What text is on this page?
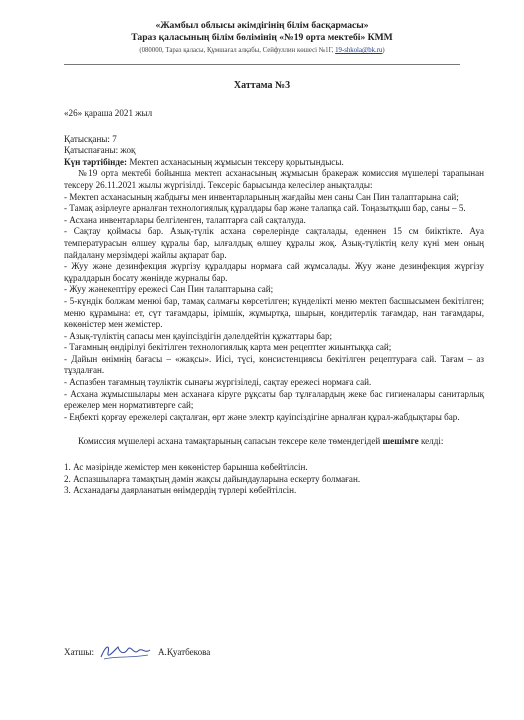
«Жамбыл облысы әкімдігінің білім басқармасы»
Тараз қаласының білім бөлімінің «№19 орта мектебі» КММ
(080000, Тараз қаласы, Құмшағал алқабы, Сейфуллин көшесі №1Г, 19-shkola@bk.ru)
Хаттама №3

«26» қараша 2021 жыл

Қатысқаны: 7

Қатыспағаны: жоқ

Күн тәртібінде: Мектеп асханасының жұмысын тексеру қорытындысы.

№19 орта мектебі бойынша мектеп асханасының жұмысын бракераж комиссия мүшелері тарапынан тексеру 26.11.2021 жылы жүргізілді. Тексеріс барысында келесілер анықталды:

- Мектеп асханасының жабдығы мен инвентарларының жағдайы мен саны Сан Пин талаптарына сай;

- Тамақ әзірлеуге арналған технологиялық құралдары бар және талапқа сай. Тоңазытқыш бар, саны – 5.

- Асхана инвентарлары белгіленген, талаптарға сай сақталуда.

- Сақтау қоймасы бар. Азық-түлік асхана сөрелерінде сақталады, еденнен 15 см биіктікте. Ауа температурасын өлшеу құралы бар, ылғалдық өлшеу құралы жоқ. Азық-түліктің келу күні мен оның пайдалану мерзімдері жайлы ақпарат бар.

- Жуу және дезинфекция жүргізу құралдары нормаға сай жұмсалады. Жуу және дезинфекция жүргізу құралдарын босату жөнінде журналы бар.

- Жуу жәнекептіру ережесі Сан Пин талаптарына сай;

- 5-күндік болжам менюі бар, тамақ салмағы көрсетілген; күнделікті меню мектеп басшысымен бекітілген; меню құрамына: ет, сүт тағамдары, ірімшік, жұмыртқа, шырын, кондитерлік тағамдар, нан тағамдары, көкөністер мен жемістер.

- Азық-түліктің сапасы мен қауіпсіздігін дәлелдейтін құжаттары бар;

- Тағамның өндірілуі бекітілген технологиялық карта мен рецептter жиынтыққа сай;

- Дайын өнімнің бағасы – «жақсы». Иісі, түсі, консистенциясы бекітілген рецептураға сай. Тағам – аз тұздалған.

- Аспазбен тағамның тәуліктік сынағы жүргізіледі, сақтау ережесі нормаға сай.

- Асхана жұмысшылары мен асханаға кіруге рұқсаты бар тұлғалардың жеке бас гигиеналары санитарлық ережелер мен нормативтерге сай;

- Еңбекті қорғау ережелері сақталған, өрт және электр қауіпсіздігіне арналған құрал-жабдықтары бар.

Комиссия мүшелері асхана тамақтарының сапасын тексере келе төмендегідей шешімге келді:

1. Ас мәзірінде жемістер мен көкөністер барынша көбейтілсін.

2. Аспазшыларға тамақтың дәмін жақсы дайындауларына ескерту болмаған.

3. Асханадағы даярланатын өнімдердің түрлері көбейтілсін.

Хатшы:	А.Қуатбекова
